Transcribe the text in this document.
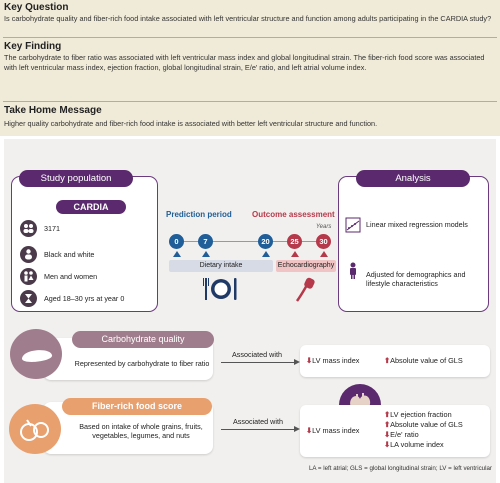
Key Question
Is carbohydrate quality and fiber-rich food intake associated with left ventricular structure and function among adults participating in the CARDIA study?
Key Finding
The carbohydrate to fiber ratio was associated with left ventricular mass index and global longitudinal strain. The fiber-rich food score was associated with left ventricular mass index, ejection fraction, global longitudinal strain, E/e' ratio, and left atrial volume index.
Take Home Message
Higher quality carbohydrate and fiber-rich food intake is associated with better left ventricular structure and function.
Study population
CARDIA
3171
Black and white
Men and women
Aged 18–30 yrs at year 0
Prediction period	Outcome assessment
Years
0	7	20	25	30
Dietary intake	Echocardiography
Analysis
Linear mixed regression models
Adjusted for demographics and lifestyle characteristics
Carbohydrate quality
Represented by carbohydrate to fiber ratio
Associated with
⬇LV mass index	⬆Absolute value of GLS
Fiber-rich food score
Based on intake of whole grains, fruits, vegetables, legumes, and nuts
Associated with
⬇LV mass index
⬆LV ejection fraction
⬆Absolute value of GLS
⬇E/e' ratio
⬇LA volume index
LA = left atrial; GLS = global longitudinal strain; LV = left ventricular
